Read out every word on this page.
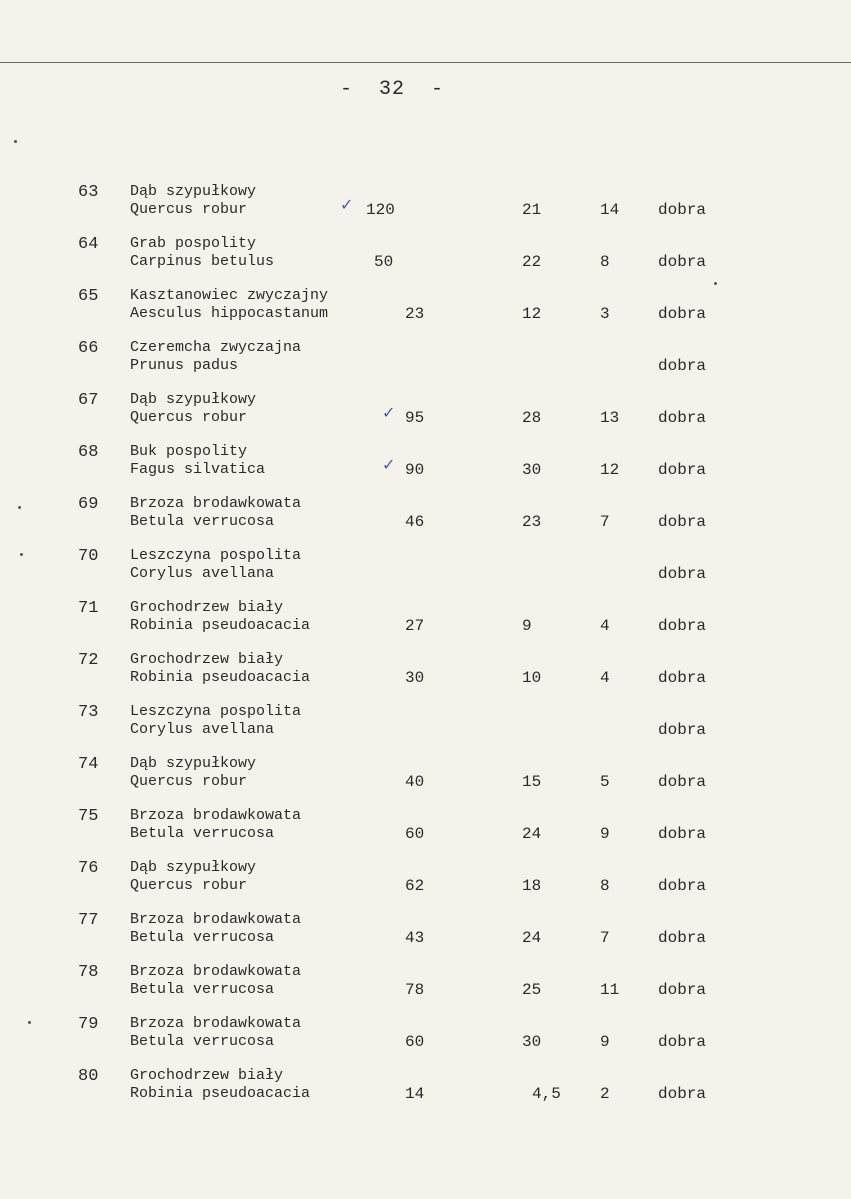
-  32  -
63 Dąb szypułkowy
Quercus robur	✓ 120	21	14 dobra
64 Grab pospolity
Carpinus betulus	50	22	8	dobra
65 Kasztanowiec zwyczajny
Aesculus hippocastanum	23	12	3	dobra
66 Czeremcha zwyczajna
Prunus padus	dobra
67 Dąb szypułkowy
Quercus robur	✓ 95	28	13 dobra
68 Buk pospolity
Fagus silvatica	✓ 90	30	12 dobra
69 Brzoza brodawkowata
Betula verrucosa	46	23	7	dobra
70 Leszczyna pospolita
Corylus avellana	dobra
71 Grochodrzew biały
Robinia pseudoacacia	27	9	4	dobra
72 Grochodrzew biały
Robinia pseudoacacia	30	10	4	dobra
73 Leszczyna pospolita
Corylus avellana	dobra
74 Dąb szypułkowy
Quercus robur	40	15	5	dobra
75 Brzoza brodawkowata
Betula verrucosa	60	24	9	dobra
76 Dąb szypułkowy
Quercus robur	62	18	8	dobra
77 Brzoza brodawkowata
Betula verrucosa	43	24	7	dobra
78 Brzoza brodawkowata
Betula verrucosa	78	25	11 dobra
79 Brzoza brodawkowata
Betula verrucosa	60	30	9	dobra
80 Grochodrzew biały
Robinia pseudoacacia	14	4,5 2	dobra
